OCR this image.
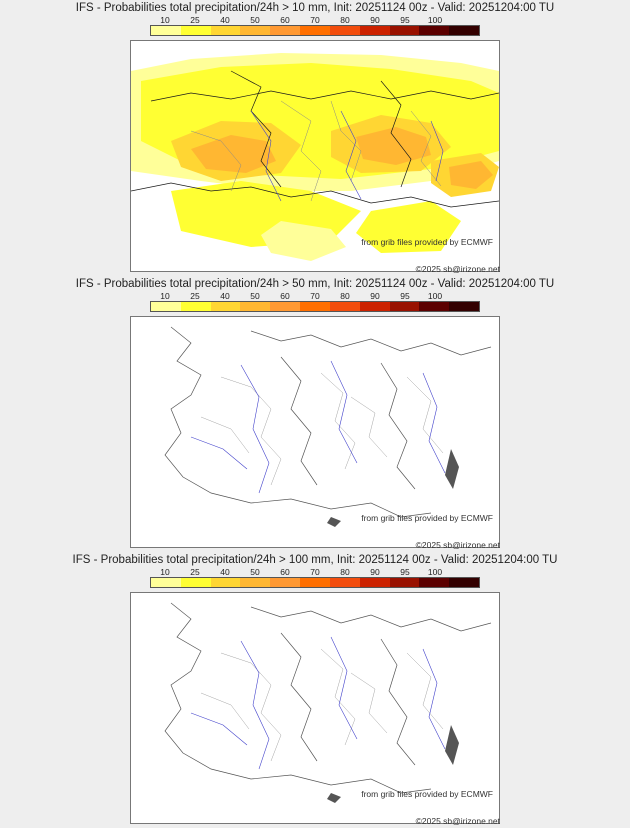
IFS - Probabilities total precipitation/24h > 10 mm, Init: 20251124 00z - Valid: 20251204:00 TU
10 25 40 50 60 70 80 90 95 100
from grib files provided by ECMWF
©2025 sb@irizone.net
IFS - Probabilities total precipitation/24h > 50 mm, Init: 20251124 00z - Valid: 20251204:00 TU
10 25 40 50 60 70 80 90 95 100
from grib files provided by ECMWF
©2025 sb@irizone.net
IFS - Probabilities total precipitation/24h > 100 mm, Init: 20251124 00z - Valid: 20251204:00 TU
10 25 40 50 60 70 80 90 95 100
from grib files provided by ECMWF
©2025 sb@irizone.net
